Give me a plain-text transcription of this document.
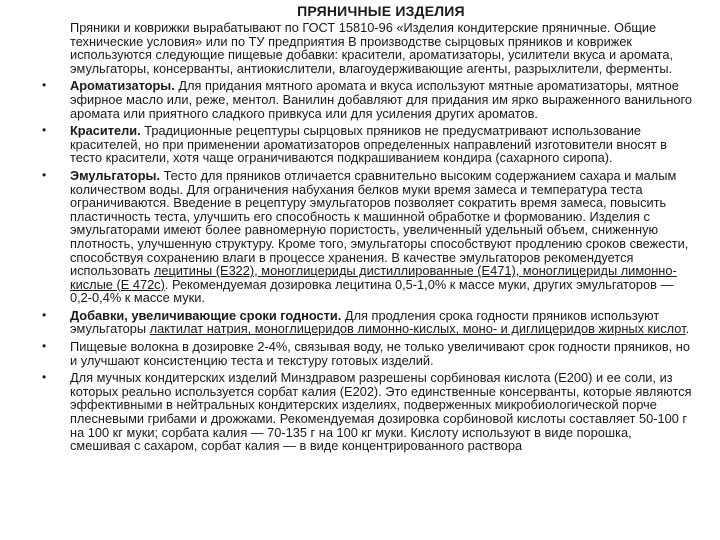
ПРЯНИЧНЫЕ ИЗДЕЛИЯ

Пряники и коврижки вырабатывают по ГОСТ 15810-96 «Изделия кондитерские пряничные. Общие технические условия» или по ТУ предприятия В производстве сырцовых пряников и коврижек используются следующие пищевые добавки: красители, ароматизаторы, усилители вкуса и аромата, эмульгаторы, консерванты, антиокислители, влагоудерживающие агенты, разрыхлители, ферменты.

• Ароматизаторы. Для придания мятного аромата и вкуса используют мятные ароматизаторы, мятное эфирное масло или, реже, ментол. Ванилин добавляют для придания им ярко выраженного ванильного аромата или приятного сладкого привкуса или для усиления других ароматов.
• Красители. Традиционные рецептуры сырцовых пряников не предусматривают использование красителей, но при применении ароматизаторов определенных направлений изготовители вносят в тесто красители, хотя чаще ограничиваются подкрашиванием кондира (сахарного сиропа).
• Эмульгаторы. Тесто для пряников отличается сравнительно высоким содержанием сахара и малым количеством воды. Для ограничения набухания белков муки время замеса и температура теста ограничиваются. Введение в рецептуру эмульгаторов позволяет сократить время замеса, повысить пластичность теста, улучшить его способность к машинной обработке и формованию. Изделия с эмульгаторами имеют более равномерную пористость, увеличенный удельный объем, сниженную плотность, улучшенную структуру. Кроме того, эмульгаторы способствуют продлению сроков свежести, способствуя сохранению влаги в процессе хранения. В качестве эмульгаторов рекомендуется использовать лецитины (Е322), моноглицериды дистиллированные (Е471), моноглицериды лимонно-кислые (Е 472с). Рекомендуемая дозировка лецитина 0,5-1,0% к массе муки, других эмульгаторов — 0,2-0,4% к массе муки.
• Добавки, увеличивающие сроки годности. Для продления срока годности пряников используют эмульгаторы лактилат натрия, моноглицеридов лимонно-кислых, моно- и диглицеридов жирных кислот.
• Пищевые волокна в дозировке 2-4%, связывая воду, не только увеличивают срок годности пряников, но и улучшают консистенцию теста и текстуру готовых изделий.
• Для мучных кондитерских изделий Минздравом разрешены сорбиновая кислота (Е200) и ее соли, из которых реально используется сорбат калия (Е202). Это единственные консерванты, которые являются эффективными в нейтральных кондитерских изделиях, подверженных микробиологической порче плесневыми грибами и дрожжами. Рекомендуемая дозировка сорбиновой кислоты составляет 50-100 г на 100 кг муки; сорбата калия — 70-135 г на 100 кг муки. Кислоту используют в виде порошка, смешивая с сахаром, сорбат калия — в виде концентрированного раствора
